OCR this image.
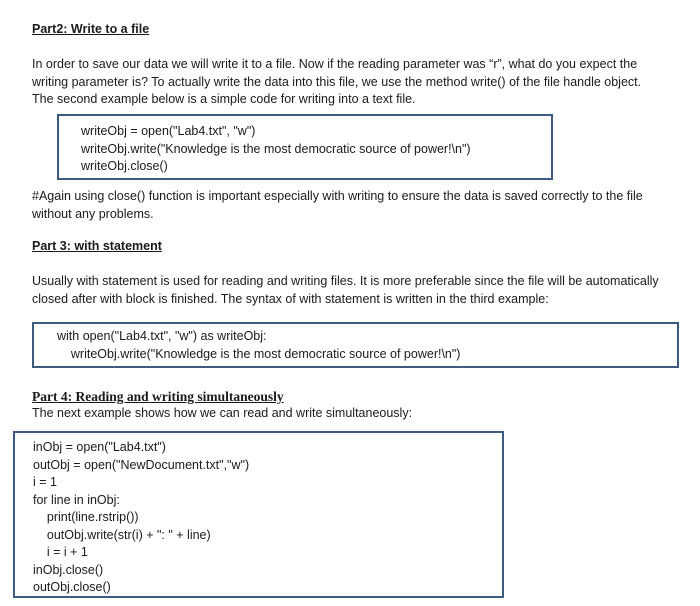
Part2: Write to a file
In order to save our data we will write it to a file. Now if the reading parameter was “r”, what do you expect the
writing parameter is? To actually write the data into this file, we use the method write() of the file handle object.
The second example below is a simple code for writing into a text file.
writeObj = open("Lab4.txt", "w")
writeObj.write("Knowledge is the most democratic source of power!\n")
writeObj.close()
#Again using close() function is important especially with writing to ensure the data is saved correctly to the file
without any problems.
Part 3: with statement
Usually with statement is used for reading and writing files. It is more preferable since the file will be automatically
closed after with block is finished. The syntax of with statement is written in the third example:
with open("Lab4.txt", "w") as writeObj:
writeObj.write("Knowledge is the most democratic source of power!\n")
Part 4: Reading and writing simultaneously
The next example shows how we can read and write simultaneously:
inObj = open("Lab4.txt")
outObj = open("NewDocument.txt","w")
i = 1
for line in inObj:
print(line.rstrip())
outObj.write(str(i) + ": " + line)
i = i + 1
inObj.close()
outObj.close()
